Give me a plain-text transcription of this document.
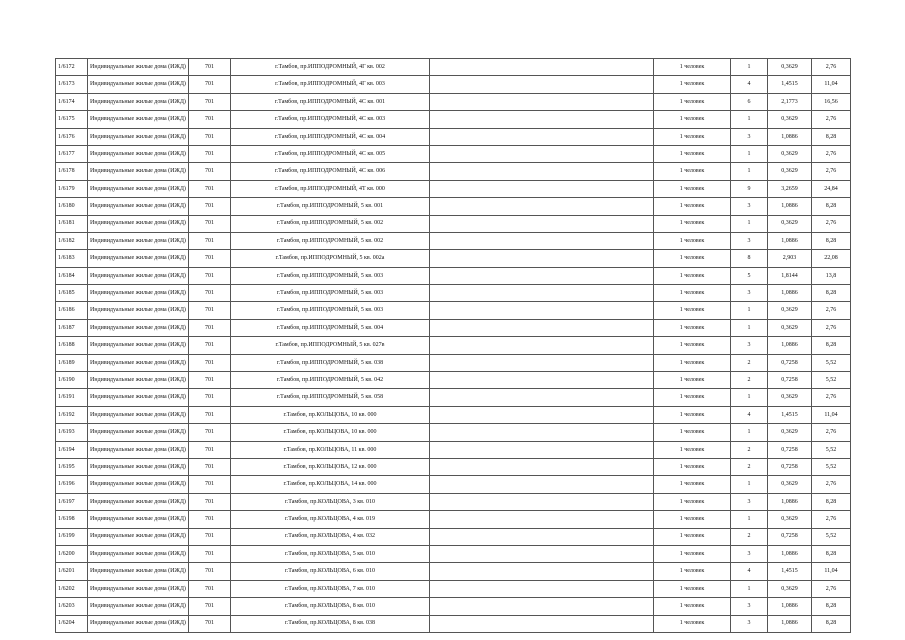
1/6172	Индивидуальные жилые дома (ИЖД)	701	г.Тамбов, пр.ИППОДРОМНЫЙ, 4Г кв. 002		1 человек	1	0,3629	2,76
1/6173	Индивидуальные жилые дома (ИЖД)	701	г.Тамбов, пр.ИППОДРОМНЫЙ, 4Г кв. 003		1 человек	4	1,4515	11,04
1/6174	Индивидуальные жилые дома (ИЖД)	701	г.Тамбов, пр.ИППОДРОМНЫЙ, 4С кв. 001		1 человек	6	2,1773	16,56
1/6175	Индивидуальные жилые дома (ИЖД)	701	г.Тамбов, пр.ИППОДРОМНЫЙ, 4С кв. 003		1 человек	1	0,3629	2,76
1/6176	Индивидуальные жилые дома (ИЖД)	701	г.Тамбов, пр.ИППОДРОМНЫЙ, 4С кв. 004		1 человек	3	1,0886	8,28
1/6177	Индивидуальные жилые дома (ИЖД)	701	г.Тамбов, пр.ИППОДРОМНЫЙ, 4С кв. 005		1 человек	1	0,3629	2,76
1/6178	Индивидуальные жилые дома (ИЖД)	701	г.Тамбов, пр.ИППОДРОМНЫЙ, 4С кв. 006		1 человек	1	0,3629	2,76
1/6179	Индивидуальные жилые дома (ИЖД)	701	г.Тамбов, пр.ИППОДРОМНЫЙ, 4Т кв. 000		1 человек	9	3,2659	24,84
1/6180	Индивидуальные жилые дома (ИЖД)	701	г.Тамбов, пр.ИППОДРОМНЫЙ, 5 кв. 001		1 человек	3	1,0886	8,28
1/6181	Индивидуальные жилые дома (ИЖД)	701	г.Тамбов, пр.ИППОДРОМНЫЙ, 5 кв. 002		1 человек	1	0,3629	2,76
1/6182	Индивидуальные жилые дома (ИЖД)	701	г.Тамбов, пр.ИППОДРОМНЫЙ, 5 кв. 002		1 человек	3	1,0886	8,28
1/6183	Индивидуальные жилые дома (ИЖД)	701	г.Тамбов, пр.ИППОДРОМНЫЙ, 5 кв. 002а		1 человек	8	2,903	22,08
1/6184	Индивидуальные жилые дома (ИЖД)	701	г.Тамбов, пр.ИППОДРОМНЫЙ, 5 кв. 003		1 человек	5	1,8144	13,8
1/6185	Индивидуальные жилые дома (ИЖД)	701	г.Тамбов, пр.ИППОДРОМНЫЙ, 5 кв. 003		1 человек	3	1,0886	8,28
1/6186	Индивидуальные жилые дома (ИЖД)	701	г.Тамбов, пр.ИППОДРОМНЫЙ, 5 кв. 003		1 человек	1	0,3629	2,76
1/6187	Индивидуальные жилые дома (ИЖД)	701	г.Тамбов, пр.ИППОДРОМНЫЙ, 5 кв. 004		1 человек	1	0,3629	2,76
1/6188	Индивидуальные жилые дома (ИЖД)	701	г.Тамбов, пр.ИППОДРОМНЫЙ, 5 кв. 027в		1 человек	3	1,0886	8,28
1/6189	Индивидуальные жилые дома (ИЖД)	701	г.Тамбов, пр.ИППОДРОМНЫЙ, 5 кв. 038		1 человек	2	0,7258	5,52
1/6190	Индивидуальные жилые дома (ИЖД)	701	г.Тамбов, пр.ИППОДРОМНЫЙ, 5 кв. 042		1 человек	2	0,7258	5,52
1/6191	Индивидуальные жилые дома (ИЖД)	701	г.Тамбов, пр.ИППОДРОМНЫЙ, 5 кв. 058		1 человек	1	0,3629	2,76
1/6192	Индивидуальные жилые дома (ИЖД)	701	г.Тамбов, пр.КОЛЬЦОВА, 10 кв. 000		1 человек	4	1,4515	11,04
1/6193	Индивидуальные жилые дома (ИЖД)	701	г.Тамбов, пр.КОЛЬЦОВА, 10 кв. 000		1 человек	1	0,3629	2,76
1/6194	Индивидуальные жилые дома (ИЖД)	701	г.Тамбов, пр.КОЛЬЦОВА, 11 кв. 000		1 человек	2	0,7258	5,52
1/6195	Индивидуальные жилые дома (ИЖД)	701	г.Тамбов, пр.КОЛЬЦОВА, 12 кв. 000		1 человек	2	0,7258	5,52
1/6196	Индивидуальные жилые дома (ИЖД)	701	г.Тамбов, пр.КОЛЬЦОВА, 14 кв. 000		1 человек	1	0,3629	2,76
1/6197	Индивидуальные жилые дома (ИЖД)	701	г.Тамбов, пр.КОЛЬЦОВА, 3 кв. 010		1 человек	3	1,0886	8,28
1/6198	Индивидуальные жилые дома (ИЖД)	701	г.Тамбов, пр.КОЛЬЦОВА, 4 кв. 019		1 человек	1	0,3629	2,76
1/6199	Индивидуальные жилые дома (ИЖД)	701	г.Тамбов, пр.КОЛЬЦОВА, 4 кв. 032		1 человек	2	0,7258	5,52
1/6200	Индивидуальные жилые дома (ИЖД)	701	г.Тамбов, пр.КОЛЬЦОВА, 5 кв. 010		1 человек	3	1,0886	8,28
1/6201	Индивидуальные жилые дома (ИЖД)	701	г.Тамбов, пр.КОЛЬЦОВА, 6 кв. 010		1 человек	4	1,4515	11,04
1/6202	Индивидуальные жилые дома (ИЖД)	701	г.Тамбов, пр.КОЛЬЦОВА, 7 кв. 010		1 человек	1	0,3629	2,76
1/6203	Индивидуальные жилые дома (ИЖД)	701	г.Тамбов, пр.КОЛЬЦОВА, 8 кв. 010		1 человек	3	1,0886	8,28
1/6204	Индивидуальные жилые дома (ИЖД)	701	г.Тамбов, пр.КОЛЬЦОВА, 8 кв. 038		1 человек	3	1,0886	8,28
